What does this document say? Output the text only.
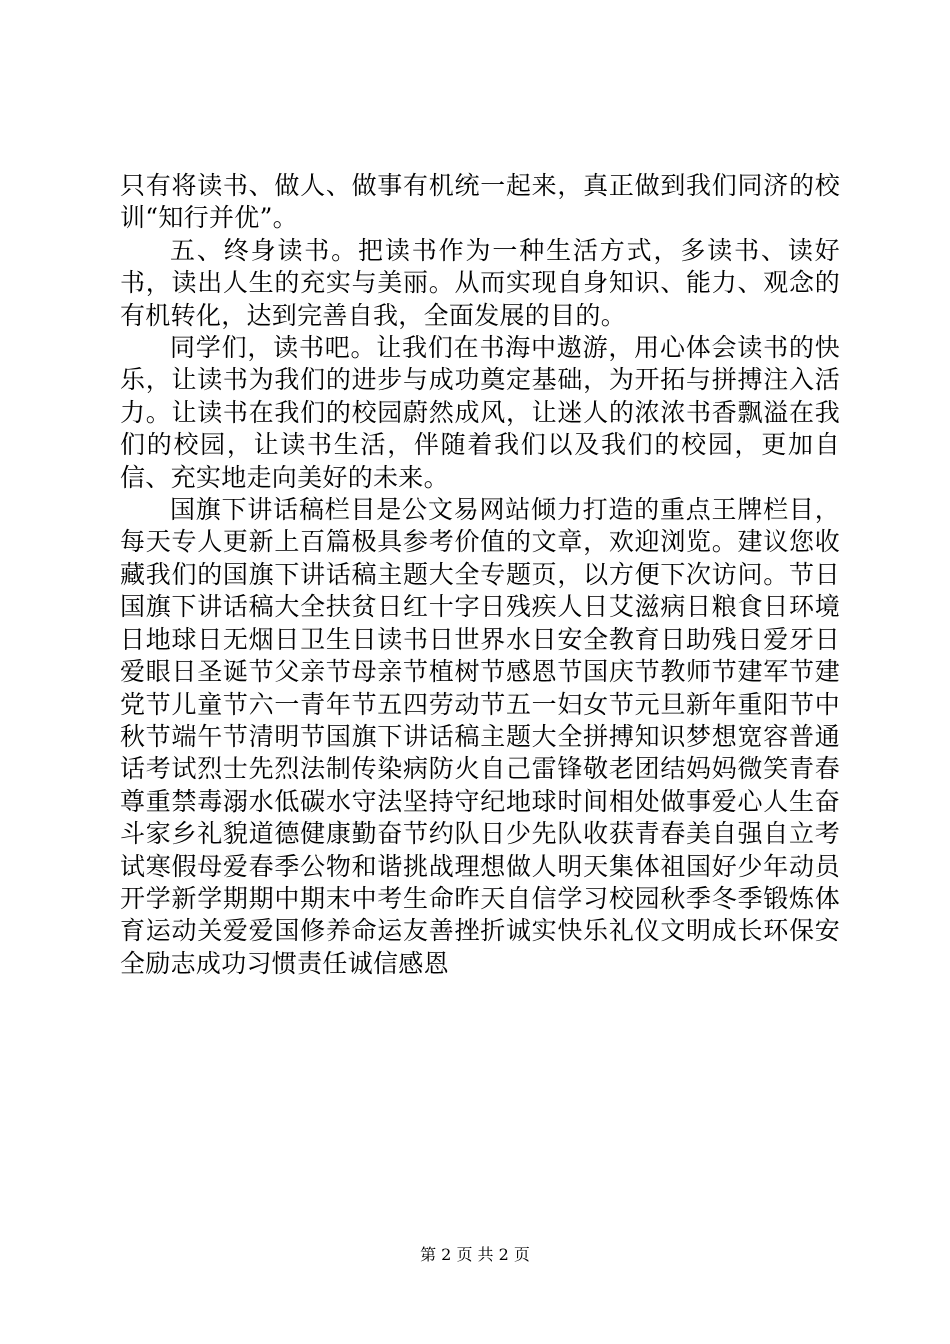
只有将读书、做人、做事有机统一起来，真正做到我们同济的校训“知行并优”。

五、终身读书。把读书作为一种生活方式，多读书、读好书，读出人生的充实与美丽。从而实现自身知识、能力、观念的有机转化，达到完善自我，全面发展的目的。

同学们，读书吧。让我们在书海中遨游，用心体会读书的快乐，让读书为我们的进步与成功奠定基础，为开拓与拼搏注入活力。让读书在我们的校园蔚然成风，让迷人的浓浓书香飘溢在我们的校园，让读书生活，伴随着我们以及我们的校园，更加自信、充实地走向美好的未来。

国旗下讲话稿栏目是公文易网站倾力打造的重点王牌栏目，每天专人更新上百篇极具参考价值的文章，欢迎浏览。建议您收藏我们的国旗下讲话稿主题大全专题页，以方便下次访问。节日国旗下讲话稿大全扶贫日红十字日残疾人日艾滋病日粮食日环境日地球日无烟日卫生日读书日世界水日安全教育日助残日爱牙日爱眼日圣诞节父亲节母亲节植树节感恩节国庆节教师节建军节建党节儿童节六一青年节五四劳动节五一妇女节元旦新年重阳节中秋节端午节清明节国旗下讲话稿主题大全拼搏知识梦想宽容普通话考试烈士先烈法制传染病防火自己雷锋敬老团结妈妈微笑青春尊重禁毒溺水低碳水守法坚持守纪地球时间相处做事爱心人生奋斗家乡礼貌道德健康勤奋节约队日少先队收获青春美自强自立考试寒假母爱春季公物和谐挑战理想做人明天集体祖国好少年动员开学新学期期中期末中考生命昨天自信学习校园秋季冬季锻炼体育运动关爱爱国修养命运友善挫折诚实快乐礼仪文明成长环保安全励志成功习惯责任诚信感恩

第 2 页 共 2 页
